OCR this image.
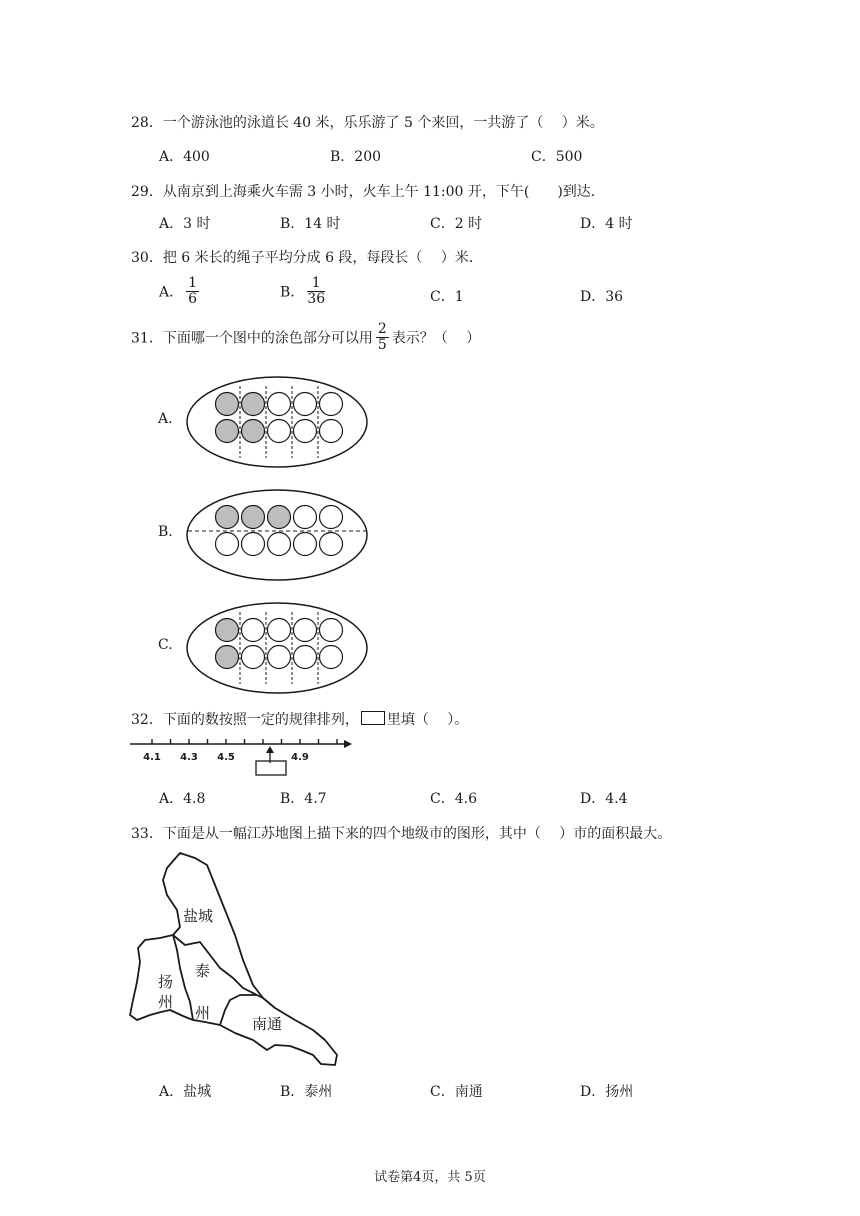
28．一个游泳池的泳道长 40 米，乐乐游了 5 个来回，一共游了（　 ）米。
A．400	B．200	C．500
29．从南京到上海乘火车需 3 小时，火车上午 11:00 开，下午(　　)到达．
A．3 时	B．14 时	C．2 时	D．4 时
30．把 6 米长的绳子平均分成 6 段，每段长（　 ）米．
A． $\frac{1}{6}$	B． $\frac{1}{36}$	C．1	D．36
31．下面哪一个图中的涂色部分可以用 $\frac{2}{5}$ 表示？（　 ）
A.
B.
C.
32．下面的数按照一定的规律排列， 里填（　 ）。
4.1 4.3 4.5	4.9
A．4.8	B．4.7	C．4.6	D．4.4
33．下面是从一幅江苏地图上描下来的四个地级市的图形，其中（　 ）市的面积最大。
盐城
扬
州
泰
州
南通
A．盐城	B．泰州	C．南通	D．扬州
试卷第4页，共 5页
